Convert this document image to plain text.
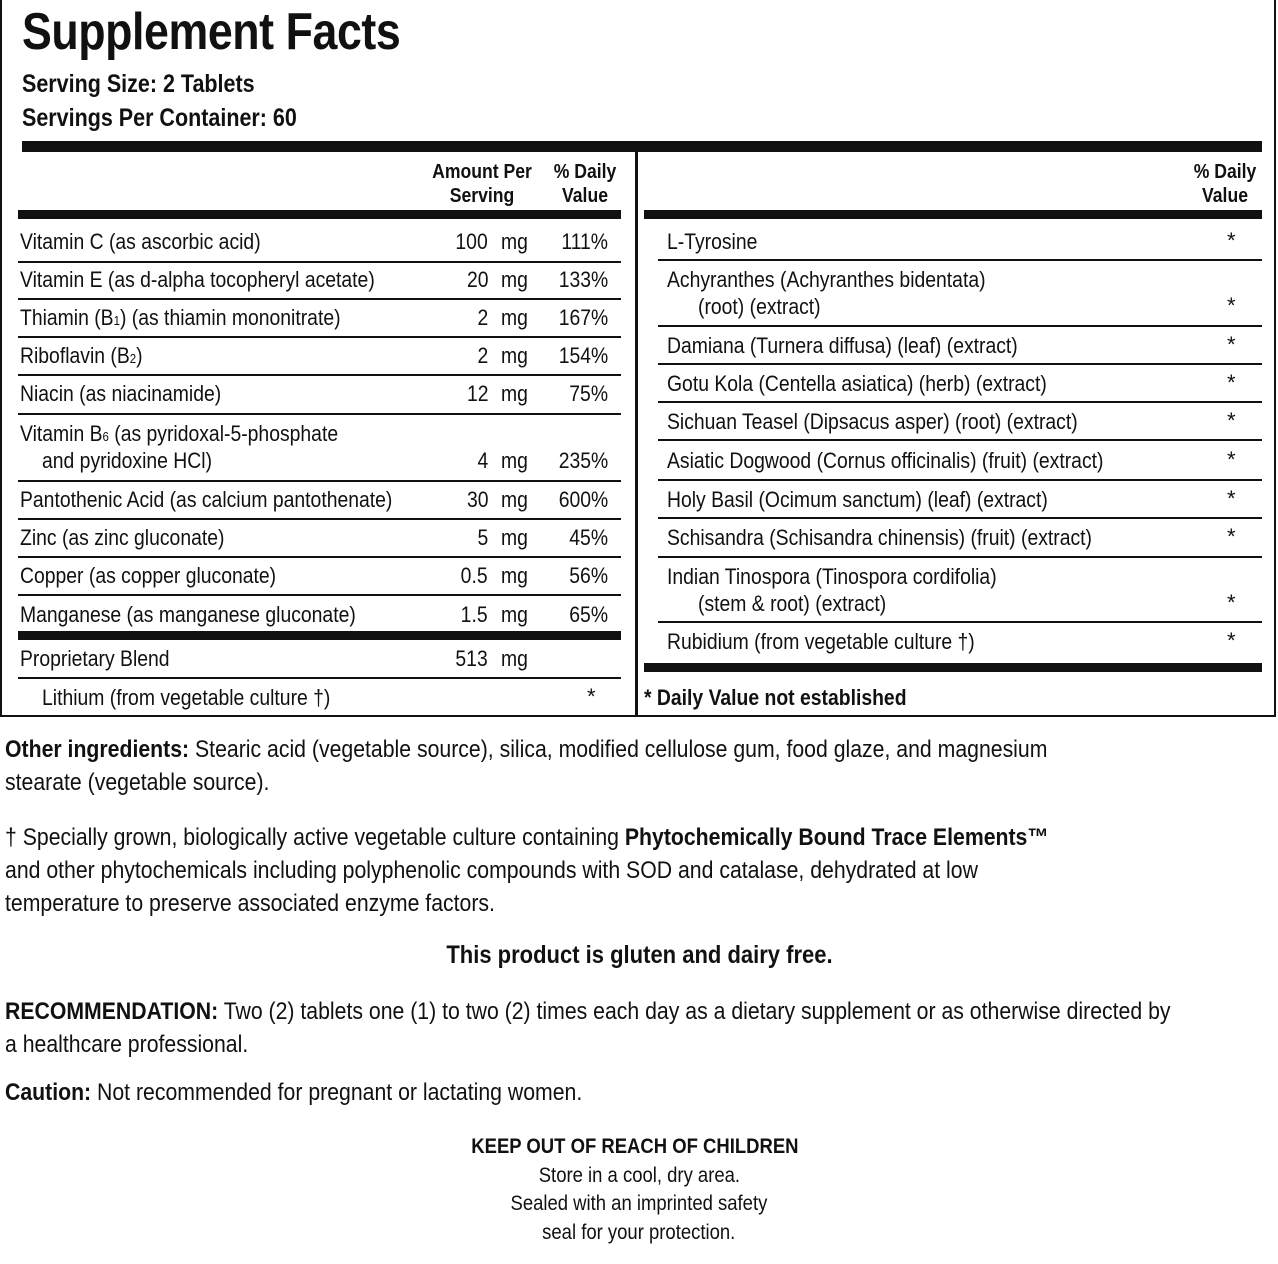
Supplement Facts
Serving Size: 2 Tablets
Servings Per Container: 60
Amount Per
Serving
% Daily
Value
% Daily
Value
Vitamin C (as ascorbic acid)	100 mg 111%
Vitamin E (as d-alpha tocopheryl acetate)	20 mg 133%
Thiamin (B1) (as thiamin mononitrate)	2 mg 167%
Riboflavin (B2)	2 mg 154%
Niacin (as niacinamide)	12 mg 75%
Vitamin B6 (as pyridoxal-5-phosphate
and pyridoxine HCl)	4 mg 235%
Pantothenic Acid (as calcium pantothenate)	30 mg 600%
Zinc (as zinc gluconate)	5 mg 45%
Copper (as copper gluconate)	0.5 mg 56%
Manganese (as manganese gluconate)	1.5 mg 65%
Proprietary Blend	513 mg
Lithium (from vegetable culture †)	*
L-Tyrosine	*
Achyranthes (Achyranthes bidentata)
(root) (extract)	*
Damiana (Turnera diffusa) (leaf) (extract)	*
Gotu Kola (Centella asiatica) (herb) (extract)	*
Sichuan Teasel (Dipsacus asper) (root) (extract)	*
Asiatic Dogwood (Cornus officinalis) (fruit) (extract)	*
Holy Basil (Ocimum sanctum) (leaf) (extract)	*
Schisandra (Schisandra chinensis) (fruit) (extract)	*
Indian Tinospora (Tinospora cordifolia)
(stem & root) (extract)	*
Rubidium (from vegetable culture †)	*
* Daily Value not established
Other ingredients: Stearic acid (vegetable source), silica, modified cellulose gum, food glaze, and magnesium
stearate (vegetable source).
† Specially grown, biologically active vegetable culture containing Phytochemically Bound Trace Elements™
and other phytochemicals including polyphenolic compounds with SOD and catalase, dehydrated at low
temperature to preserve associated enzyme factors.
This product is gluten and dairy free.
RECOMMENDATION: Two (2) tablets one (1) to two (2) times each day as a dietary supplement or as otherwise directed by
a healthcare professional.
Caution: Not recommended for pregnant or lactating women.
KEEP OUT OF REACH OF CHILDREN
Store in a cool, dry area.
Sealed with an imprinted safety
seal for your protection.
